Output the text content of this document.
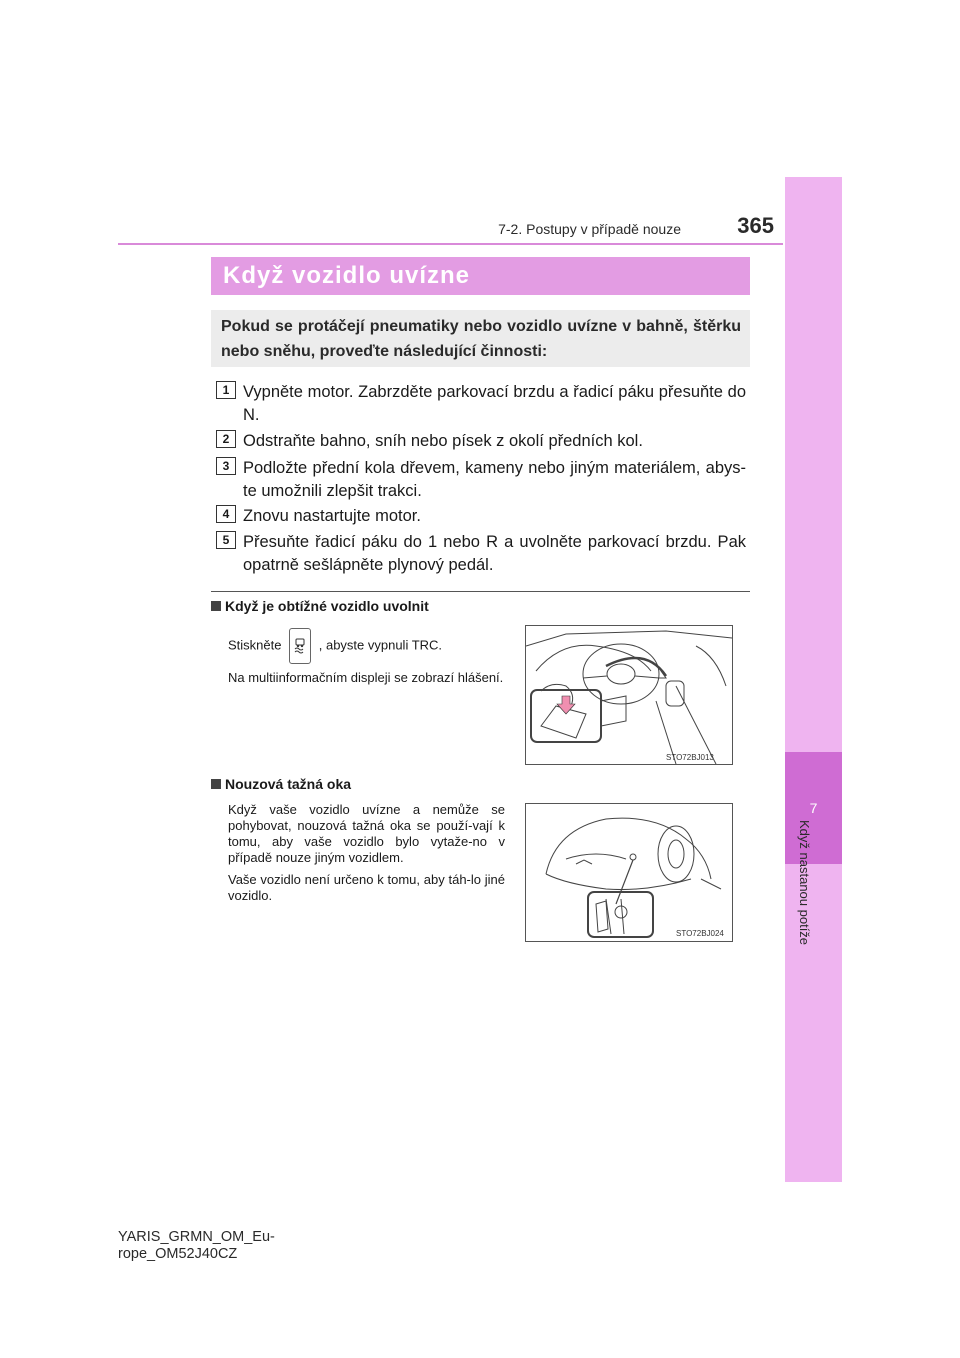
7
Když nastanou potíže
7-2. Postupy v případě nouze	365
Když vozidlo uvízne

Pokud se protáčejí pneumatiky nebo vozidlo uvízne v bahně, štěrku nebo sněhu, proveďte následující činnosti:

1 Vypněte motor. Zabrzděte parkovací brzdu a řadicí páku přesuňte do N.
2 Odstraňte bahno, sníh nebo písek z okolí předních kol.
3 Podložte přední kola dřevem, kameny nebo jiným materiálem, abys-te umožnili zlepšit trakci.
4 Znovu nastartujte motor.
5 Přesuňte řadicí páku do 1 nebo R a uvolněte parkovací brzdu. Pak opatrně sešlápněte plynový pedál.
Když je obtížné vozidlo uvolnit
Stiskněte	, abyste vypnuli TRC.
Na multiinformačním displeji se zobrazí hlášení.
STO72BJ013
Nouzová tažná oka
Když vaše vozidlo uvízne a nemůže se pohybovat, nouzová tažná oka se použí-vají k tomu, aby vaše vozidlo bylo vytaže-no v případě nouze jiným vozidlem.
Vaše vozidlo není určeno k tomu, aby táh-lo jiné vozidlo.
STO72BJ024
YARIS_GRMN_OM_Eu-
rope_OM52J40CZ
